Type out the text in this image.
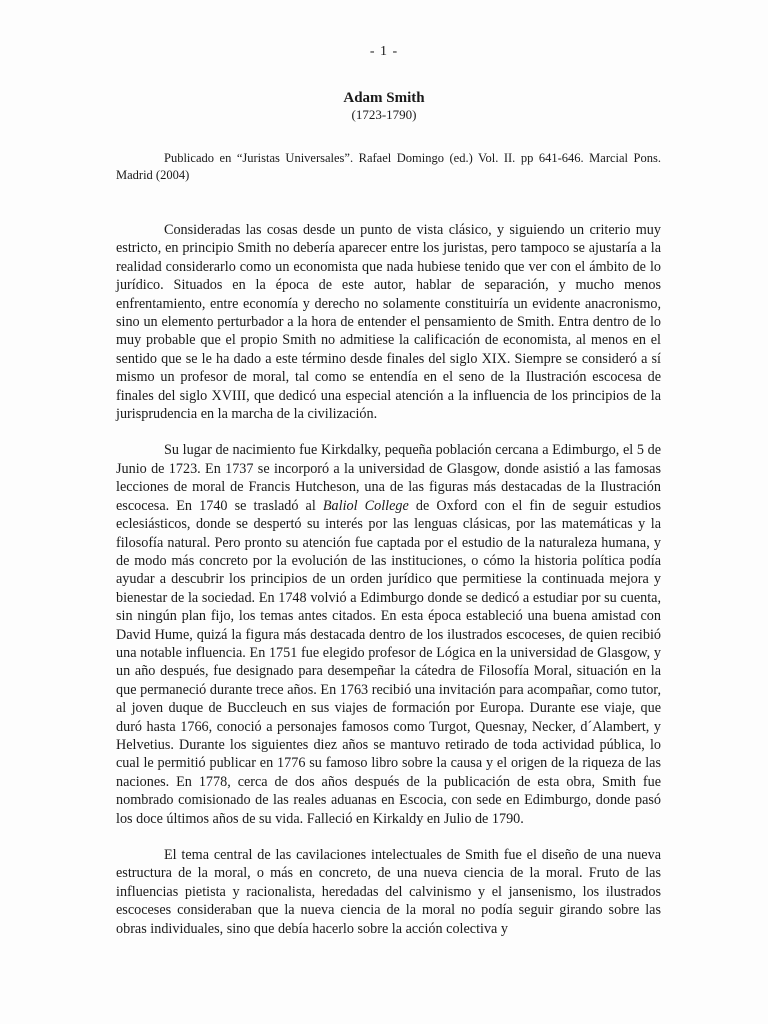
- 1 -
Adam Smith
(1723-1790)
Publicado en “Juristas Universales”. Rafael Domingo (ed.) Vol. II. pp 641-646. Marcial Pons. Madrid (2004)

Consideradas las cosas desde un punto de vista clásico, y siguiendo un criterio muy estricto, en principio Smith no debería aparecer entre los juristas, pero tampoco se ajustaría a la realidad considerarlo como un economista que nada hubiese tenido que ver con el ámbito de lo jurídico. Situados en la época de este autor, hablar de separación, y mucho menos enfrentamiento, entre economía y derecho no solamente constituiría un evidente anacronismo, sino un elemento perturbador a la hora de entender el pensamiento de Smith. Entra dentro de lo muy probable que el propio Smith no admitiese la calificación de economista, al menos en el sentido que se le ha dado a este término desde finales del siglo XIX. Siempre se consideró a sí mismo un profesor de moral, tal como se entendía en el seno de la Ilustración escocesa de finales del siglo XVIII, que dedicó una especial atención a la influencia de los principios de la jurisprudencia en la marcha de la civilización.

Su lugar de nacimiento fue Kirkdalky, pequeña población cercana a Edimburgo, el 5 de Junio de 1723. En 1737 se incorporó a la universidad de Glasgow, donde asistió a las famosas lecciones de moral de Francis Hutcheson, una de las figuras más destacadas de la Ilustración escocesa. En 1740 se trasladó al Baliol College de Oxford con el fin de seguir estudios eclesiásticos, donde se despertó su interés por las lenguas clásicas, por las matemáticas y la filosofía natural. Pero pronto su atención fue captada por el estudio de la naturaleza humana, y de modo más concreto por la evolución de las instituciones, o cómo la historia política podía ayudar a descubrir los principios de un orden jurídico que permitiese la continuada mejora y bienestar de la sociedad. En 1748 volvió a Edimburgo donde se dedicó a estudiar por su cuenta, sin ningún plan fijo, los temas antes citados. En esta época estableció una buena amistad con David Hume, quizá la figura más destacada dentro de los ilustrados escoceses, de quien recibió una notable influencia. En 1751 fue elegido profesor de Lógica en la universidad de Glasgow, y un año después, fue designado para desempeñar la cátedra de Filosofía Moral, situación en la que permaneció durante trece años. En 1763 recibió una invitación para acompañar, como tutor, al joven duque de Buccleuch en sus viajes de formación por Europa. Durante ese viaje, que duró hasta 1766, conoció a personajes famosos como Turgot, Quesnay, Necker, d´Alambert, y Helvetius. Durante los siguientes diez años se mantuvo retirado de toda actividad pública, lo cual le permitió publicar en 1776 su famoso libro sobre la causa y el origen de la riqueza de las naciones. En 1778, cerca de dos años después de la publicación de esta obra, Smith fue nombrado comisionado de las reales aduanas en Escocia, con sede en Edimburgo, donde pasó los doce últimos años de su vida. Falleció en Kirkaldy en Julio de 1790.

El tema central de las cavilaciones intelectuales de Smith fue el diseño de una nueva estructura de la moral, o más en concreto, de una nueva ciencia de la moral. Fruto de las influencias pietista y racionalista, heredadas del calvinismo y el jansenismo, los ilustrados escoceses consideraban que la nueva ciencia de la moral no podía seguir girando sobre las obras individuales, sino que debía hacerlo sobre la acción colectiva y
